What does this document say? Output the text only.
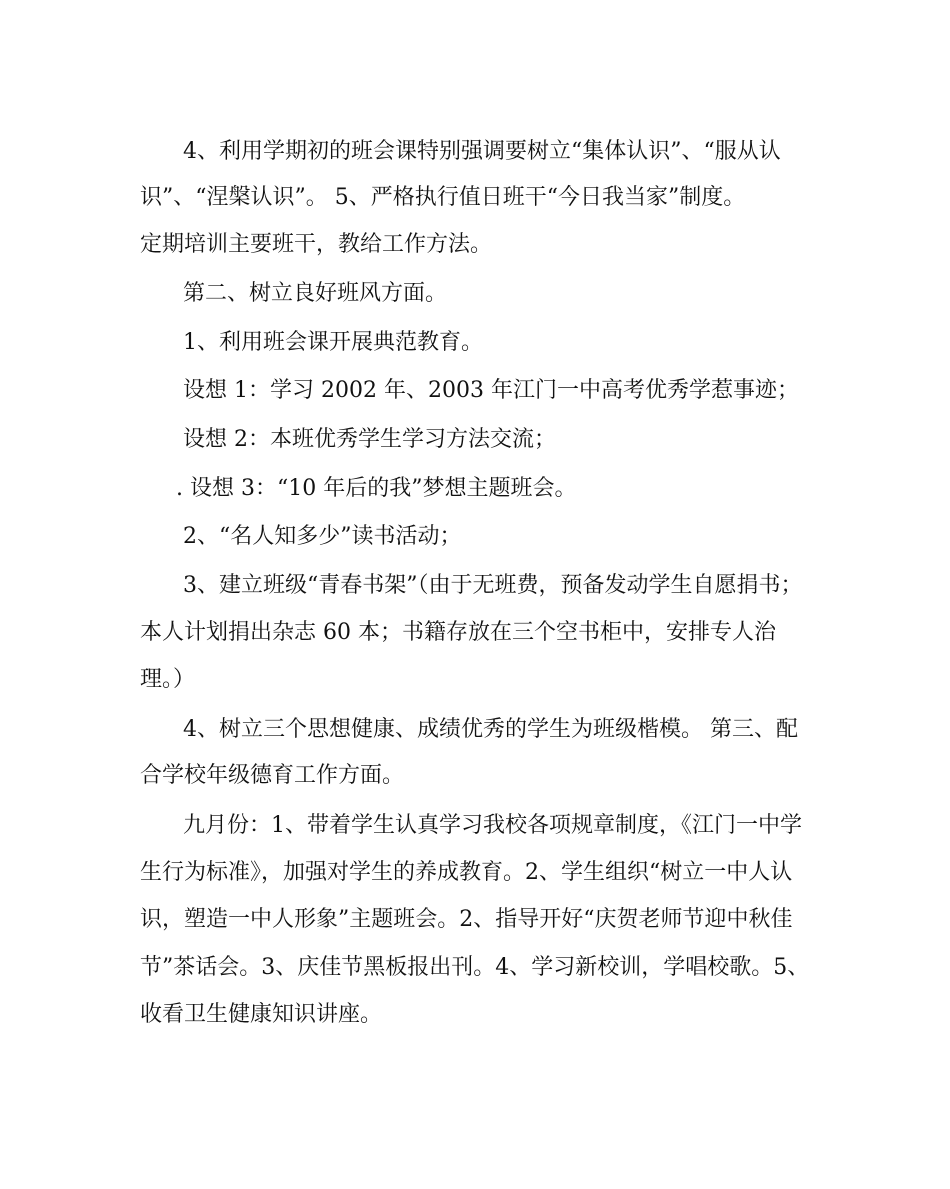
4、利用学期初的班会课特别强调要树立“集体认识”、“服从认
识”、“涅槃认识”。 5、严格执行值日班干“今日我当家”制度。
定期培训主要班干，教给工作方法。
第二、树立良好班风方面。
1、利用班会课开展典范教育。
设想 1：学习 2002 年、2003 年江门一中高考优秀学惹事迹；
设想 2：本班优秀学生学习方法交流；
. 设想 3：“10 年后的我”梦想主题班会。
2、“名人知多少”读书活动；
3、建立班级“青春书架”（由于无班费，预备发动学生自愿捐书；
本人计划捐出杂志 60 本；书籍存放在三个空书柜中，安排专人治
理。）
4、树立三个思想健康、成绩优秀的学生为班级楷模。 第三、配
合学校年级德育工作方面。
九月份：1、带着学生认真学习我校各项规章制度，《江门一中学
生行为标准》，加强对学生的养成教育。2、学生组织“树立一中人认
识，塑造一中人形象”主题班会。2、指导开好“庆贺老师节迎中秋佳
节”茶话会。3、庆佳节黑板报出刊。4、学习新校训，学唱校歌。5、
收看卫生健康知识讲座。
